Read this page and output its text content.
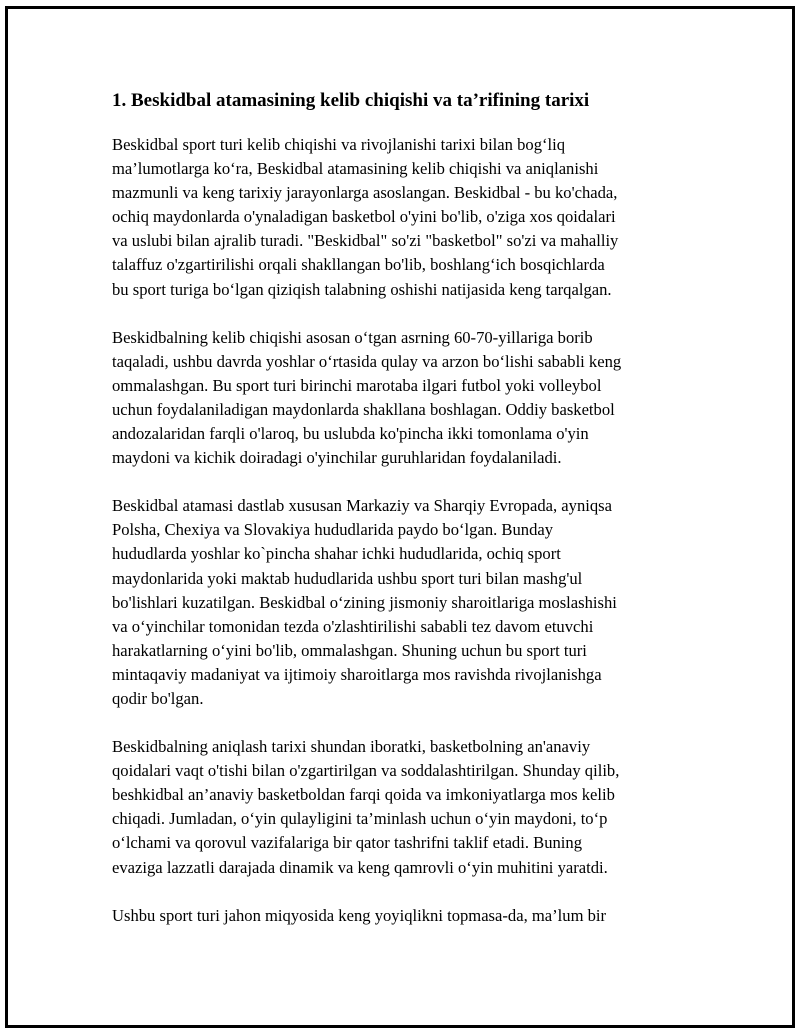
1. Beskidbal atamasining kelib chiqishi va ta’rifining tarixi

Beskidbal sport turi kelib chiqishi va rivojlanishi tarixi bilan bog‘liq
ma’lumotlarga ko‘ra, Beskidbal atamasining kelib chiqishi va aniqlanishi
mazmunli va keng tarixiy jarayonlarga asoslangan. Beskidbal - bu ko'chada,
ochiq maydonlarda o'ynaladigan basketbol o'yini bo'lib, o'ziga xos qoidalari
va uslubi bilan ajralib turadi. "Beskidbal" so'zi "basketbol" so'zi va mahalliy
talaffuz o'zgartirilishi orqali shakllangan bo'lib, boshlang‘ich bosqichlarda
bu sport turiga bo‘lgan qiziqish talabning oshishi natijasida keng tarqalgan.

Beskidbalning kelib chiqishi asosan o‘tgan asrning 60-70-yillariga borib
taqaladi, ushbu davrda yoshlar o‘rtasida qulay va arzon bo‘lishi sababli keng
ommalashgan. Bu sport turi birinchi marotaba ilgari futbol yoki volleybol
uchun foydalaniladigan maydonlarda shakllana boshlagan. Oddiy basketbol
andozalaridan farqli o'laroq, bu uslubda ko'pincha ikki tomonlama o'yin
maydoni va kichik doiradagi o'yinchilar guruhlaridan foydalaniladi.

Beskidbal atamasi dastlab xususan Markaziy va Sharqiy Evropada, ayniqsa
Polsha, Chexiya va Slovakiya hududlarida paydo bo‘lgan. Bunday
hududlarda yoshlar ko`pincha shahar ichki hududlarida, ochiq sport
maydonlarida yoki maktab hududlarida ushbu sport turi bilan mashg'ul
bo'lishlari kuzatilgan. Beskidbal o‘zining jismoniy sharoitlariga moslashishi
va o‘yinchilar tomonidan tezda o'zlashtirilishi sababli tez davom etuvchi
harakatlarning o‘yini bo'lib, ommalashgan. Shuning uchun bu sport turi
mintaqaviy madaniyat va ijtimoiy sharoitlarga mos ravishda rivojlanishga
qodir bo'lgan.

Beskidbalning aniqlash tarixi shundan iboratki, basketbolning an'anaviy
qoidalari vaqt o'tishi bilan o'zgartirilgan va soddalashtirilgan. Shunday qilib,
beshkidbal an’anaviy basketboldan farqi qoida va imkoniyatlarga mos kelib
chiqadi. Jumladan, o‘yin qulayligini ta’minlash uchun o‘yin maydoni, to‘p
o‘lchami va qorovul vazifalariga bir qator tashrifni taklif etadi. Buning
evaziga lazzatli darajada dinamik va keng qamrovli o‘yin muhitini yaratdi.

Ushbu sport turi jahon miqyosida keng yoyiqlikni topmasa-da, ma’lum bir
